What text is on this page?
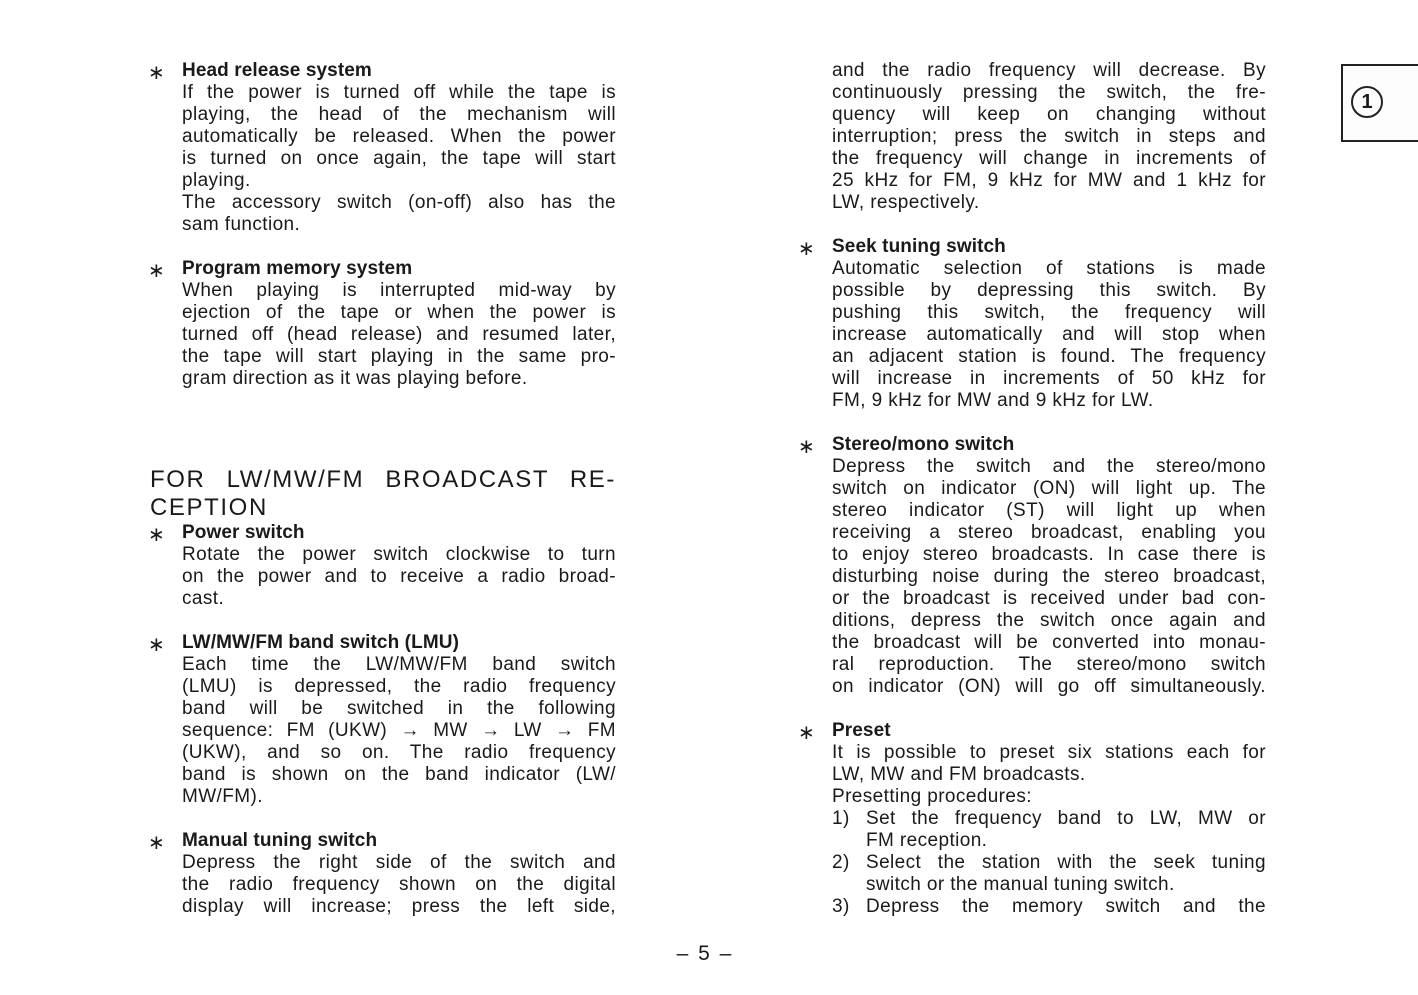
∗ Head release system
If the power is turned off while the tape is
playing, the head of the mechanism will
automatically be released. When the power
is turned on once again, the tape will start
playing.
The accessory switch (on-off) also has the
sam function.
∗ Program memory system
When playing is interrupted mid-way by
ejection of the tape or when the power is
turned off (head release) and resumed later,
the tape will start playing in the same pro-
gram direction as it was playing before.
FOR LW/MW/FM BROADCAST RE-
CEPTION
∗ Power switch
Rotate the power switch clockwise to turn
on the power and to receive a radio broad-
cast.
∗ LW/MW/FM band switch (LMU)
Each time the LW/MW/FM band switch
(LMU) is depressed, the radio frequency
band will be switched in the following
sequence: FM (UKW) → MW → LW → FM
(UKW), and so on. The radio frequency
band is shown on the band indicator (LW/
MW/FM).
∗ Manual tuning switch
Depress the right side of the switch and
the radio frequency shown on the digital
display will increase; press the left side,
and the radio frequency will decrease. By
continuously pressing the switch, the fre-
quency will keep on changing without
interruption; press the switch in steps and
the frequency will change in increments of
25 kHz for FM, 9 kHz for MW and 1 kHz for
LW, respectively.
∗ Seek tuning switch
Automatic selection of stations is made
possible by depressing this switch. By
pushing this switch, the frequency will
increase automatically and will stop when
an adjacent station is found. The frequency
will increase in increments of 50 kHz for
FM, 9 kHz for MW and 9 kHz for LW.
∗ Stereo/mono switch
Depress the switch and the stereo/mono
switch on indicator (ON) will light up. The
stereo indicator (ST) will light up when
receiving a stereo broadcast, enabling you
to enjoy stereo broadcasts. In case there is
disturbing noise during the stereo broadcast,
or the broadcast is received under bad con-
ditions, depress the switch once again and
the broadcast will be converted into monau-
ral reproduction. The stereo/mono switch
on indicator (ON) will go off simultaneously.
∗ Preset
It is possible to preset six stations each for
LW, MW and FM broadcasts.
Presetting procedures:
1) Set the frequency band to LW, MW or
FM reception.
2) Select the station with the seek tuning
switch or the manual tuning switch.
3) Depress the memory switch and the
1
– 5 –
